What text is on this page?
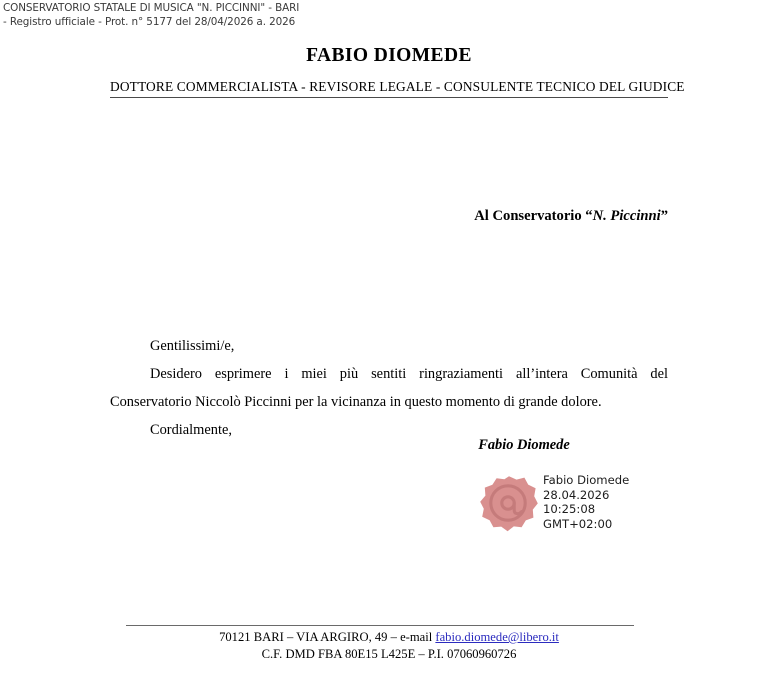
CONSERVATORIO STATALE DI MUSICA "N. PICCINNI" - BARI
- Registro ufficiale - Prot. n° 5177 del 28/04/2026 a. 2026
FABIO DIOMEDE
DOTTORE COMMERCIALISTA - REVISORE LEGALE - CONSULENTE TECNICO DEL GIUDICE
Al Conservatorio “N. Piccinni”

Gentilissimi/e,

Desidero esprimere i miei più sentiti ringraziamenti all’intera Comunità del Conservatorio Niccolò Piccinni per la vicinanza in questo momento di grande dolore.

Cordialmente,

Fabio Diomede
Fabio Diomede
28.04.2026
10:25:08
GMT+02:00
70121 BARI – VIA ARGIRO, 49 – e-mail fabio.diomede@libero.it
C.F. DMD FBA 80E15 L425E – P.I. 07060960726
